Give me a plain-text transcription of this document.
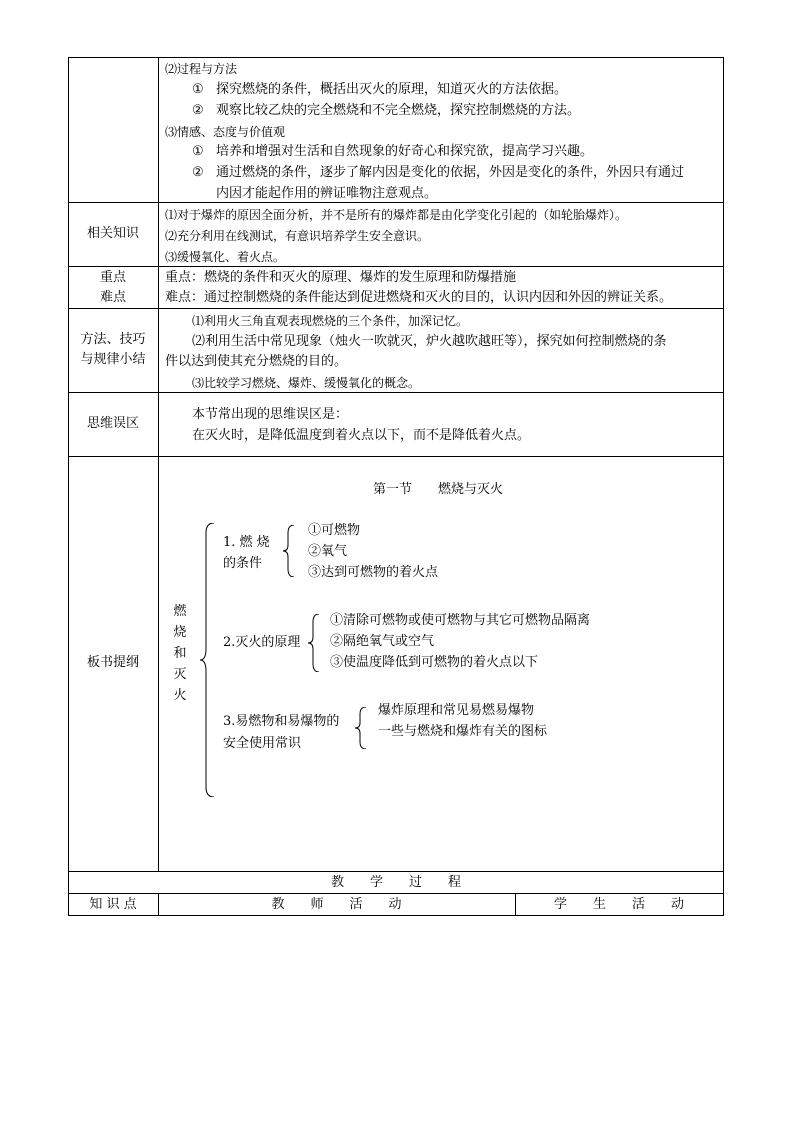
⑵过程与方法
① 探究燃烧的条件，概括出灭火的原理，知道灭火的方法依据。
② 观察比较乙炔的完全燃烧和不完全燃烧，探究控制燃烧的方法。
⑶情感、态度与价值观
① 培养和增强对生活和自然现象的好奇心和探究欲，提高学习兴趣。
② 通过燃烧的条件，逐步了解内因是变化的依据，外因是变化的条件，外因只有通过
内因才能起作用的辨证唯物注意观点。
相关知识
⑴对于爆炸的原因全面分析，并不是所有的爆炸都是由化学变化引起的（如轮胎爆炸）。
⑵充分利用在线测试，有意识培养学生安全意识。
⑶缓慢氧化、着火点。
重点
难点
重点：燃烧的条件和灭火的原理、爆炸的发生原理和防爆措施
难点：通过控制燃烧的条件能达到促进燃烧和灭火的目的，认识内因和外因的辨证关系。
方法、技巧
与规律小结
⑴利用火三角直观表现燃烧的三个条件，加深记忆。
⑵利用生活中常见现象（烛火一吹就灭，炉火越吹越旺等），探究如何控制燃烧的条
件以达到使其充分燃烧的目的。
⑶比较学习燃烧、爆炸、缓慢氧化的概念。
思维误区
本节常出现的思维误区是：
在灭火时，是降低温度到着火点以下，而不是降低着火点。
板书提纲
第一节　　燃烧与灭火
燃
烧
和
灭
火
1. 燃 烧
的条件
①可燃物
②氧气
③达到可燃物的着火点
2.灭火的原理
①清除可燃物或使可燃物与其它可燃物品隔离
②隔绝氧气或空气
③使温度降低到可燃物的着火点以下
3.易燃物和易爆物的
安全使用常识
爆炸原理和常见易燃易爆物
一些与燃烧和爆炸有关的图标
教　　学　　过　　程
知 识 点	教　　师　　活　　动	学　　生　　活　　动
